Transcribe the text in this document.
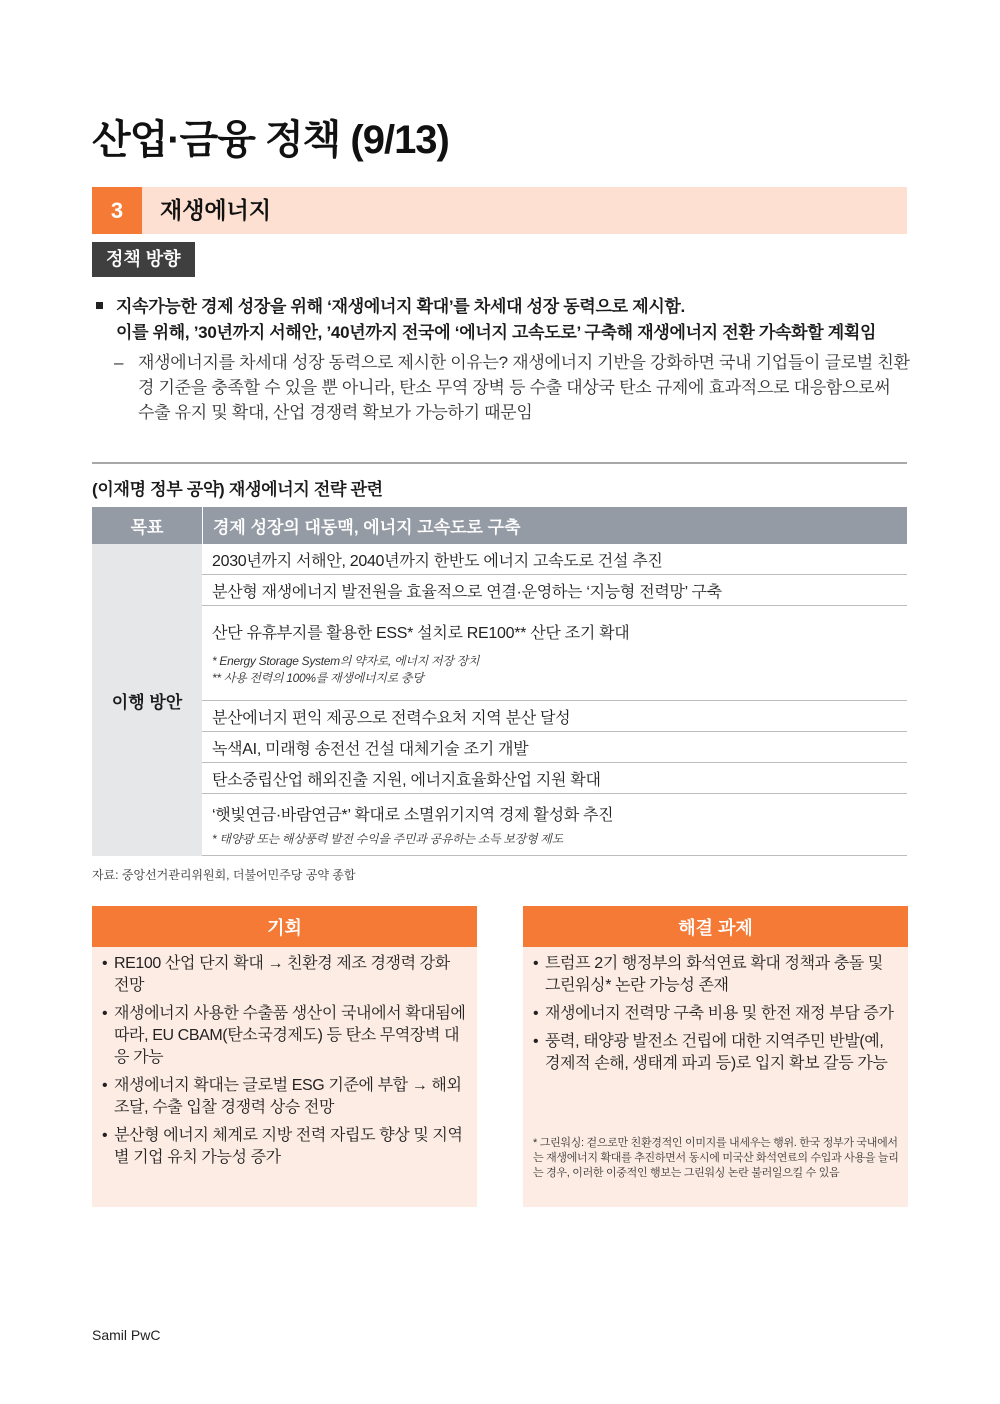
산업·금융 정책 (9/13)
3	재생에너지
정책 방향
지속가능한 경제 성장을 위해 ‘재생에너지 확대’를 차세대 성장 동력으로 제시함.
이를 위해, ’30년까지 서해안, ’40년까지 전국에 ‘에너지 고속도로’ 구축해 재생에너지 전환 가속화할 계획임
– 재생에너지를 차세대 성장 동력으로 제시한 이유는? 재생에너지 기반을 강화하면 국내 기업들이 글로벌 친환
경 기준을 충족할 수 있을 뿐 아니라, 탄소 무역 장벽 등 수출 대상국 탄소 규제에 효과적으로 대응함으로써
수출 유지 및 확대, 산업 경쟁력 확보가 가능하기 때문임
(이재명 정부 공약) 재생에너지 전략 관련
목표	경제 성장의 대동맥, 에너지 고속도로 구축
이행 방안
2030년까지 서해안, 2040년까지 한반도 에너지 고속도로 건설 추진
분산형 재생에너지 발전원을 효율적으로 연결·운영하는 ‘지능형 전력망’ 구축
산단 유휴부지를 활용한 ESS* 설치로 RE100** 산단 조기 확대
* Energy Storage System의 약자로, 에너지 저장 장치
** 사용 전력의 100%를 재생에너지로 충당
분산에너지 편익 제공으로 전력수요처 지역 분산 달성
녹색AI, 미래형 송전선 건설 대체기술 조기 개발
탄소중립산업 해외진출 지원, 에너지효율화산업 지원 확대
‘햇빛연금·바람연금*’ 확대로 소멸위기지역 경제 활성화 추진
* 태양광 또는 해상풍력 발전 수익을 주민과 공유하는 소득 보장형 제도
자료: 중앙선거관리위원회, 더불어민주당 공약 종합
기회
• RE100 산업 단지 확대 → 친환경 제조 경쟁력 강화 전망
• 재생에너지 사용한 수출품 생산이 국내에서 확대됨에 따라, EU CBAM(탄소국경제도) 등 탄소 무역장벽 대응 가능
• 재생에너지 확대는 글로벌 ESG 기준에 부합 → 해외 조달, 수출 입찰 경쟁력 상승 전망
• 분산형 에너지 체계로 지방 전력 자립도 향상 및 지역별 기업 유치 가능성 증가
해결 과제
• 트럼프 2기 행정부의 화석연료 확대 정책과 충돌 및 그린워싱* 논란 가능성 존재
• 재생에너지 전력망 구축 비용 및 한전 재정 부담 증가
• 풍력, 태양광 발전소 건립에 대한 지역주민 반발(예, 경제적 손해, 생태계 파괴 등)로 입지 확보 갈등 가능
* 그린워싱: 겉으로만 친환경적인 이미지를 내세우는 행위. 한국 정부가 국내에서는 재생에너지 확대를 추진하면서 동시에 미국산 화석연료의 수입과 사용을 늘리는 경우, 이러한 이중적인 행보는 그린워싱 논란 불러일으킬 수 있음
Samil PwC
